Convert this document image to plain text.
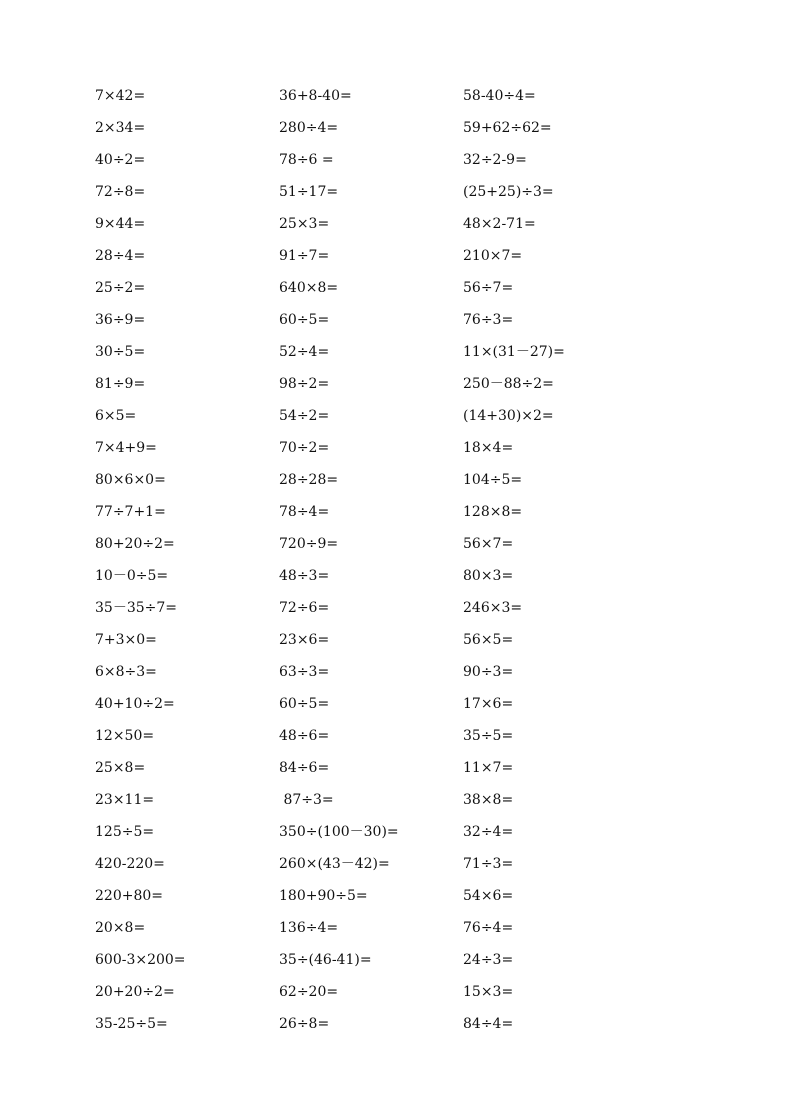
7×42=
2×34=
40÷2=
72÷8=
9×44=
28÷4=
25÷2=
36÷9=
30÷5=
81÷9=
6×5=
7×4+9=
80×6×0=
77÷7+1=
80+20÷2=
10－0÷5=
35－35÷7=
7+3×0=
6×8÷3=
40+10÷2=
12×50=
25×8=
23×11=
125÷5=
420-220=
220+80=
20×8=
600-3×200=
20+20÷2=
35-25÷5=
36+8-40=
280÷4=
78÷6 =
51÷17=
25×3=
91÷7=
640×8=
60÷5=
52÷4=
98÷2=
54÷2=
70÷2=
28÷28=
78÷4=
720÷9=
48÷3=
72÷6=
23×6=
63÷3=
60÷5=
48÷6=
84÷6=
87÷3=
350÷(100－30)=
260×(43－42)=
180+90÷5=
136÷4=
35÷(46-41)=
62÷20=
26÷8=
58-40÷4=
59+62÷62=
32÷2-9=
(25+25)÷3=
48×2-71=
210×7=
56÷7=
76÷3=
11×(31－27)=
250－88÷2=
(14+30)×2=
18×4=
104÷5=
128×8=
56×7=
80×3=
246×3=
56×5=
90÷3=
17×6=
35÷5=
11×7=
38×8=
32÷4=
71÷3=
54×6=
76÷4=
24÷3=
15×3=
84÷4=
